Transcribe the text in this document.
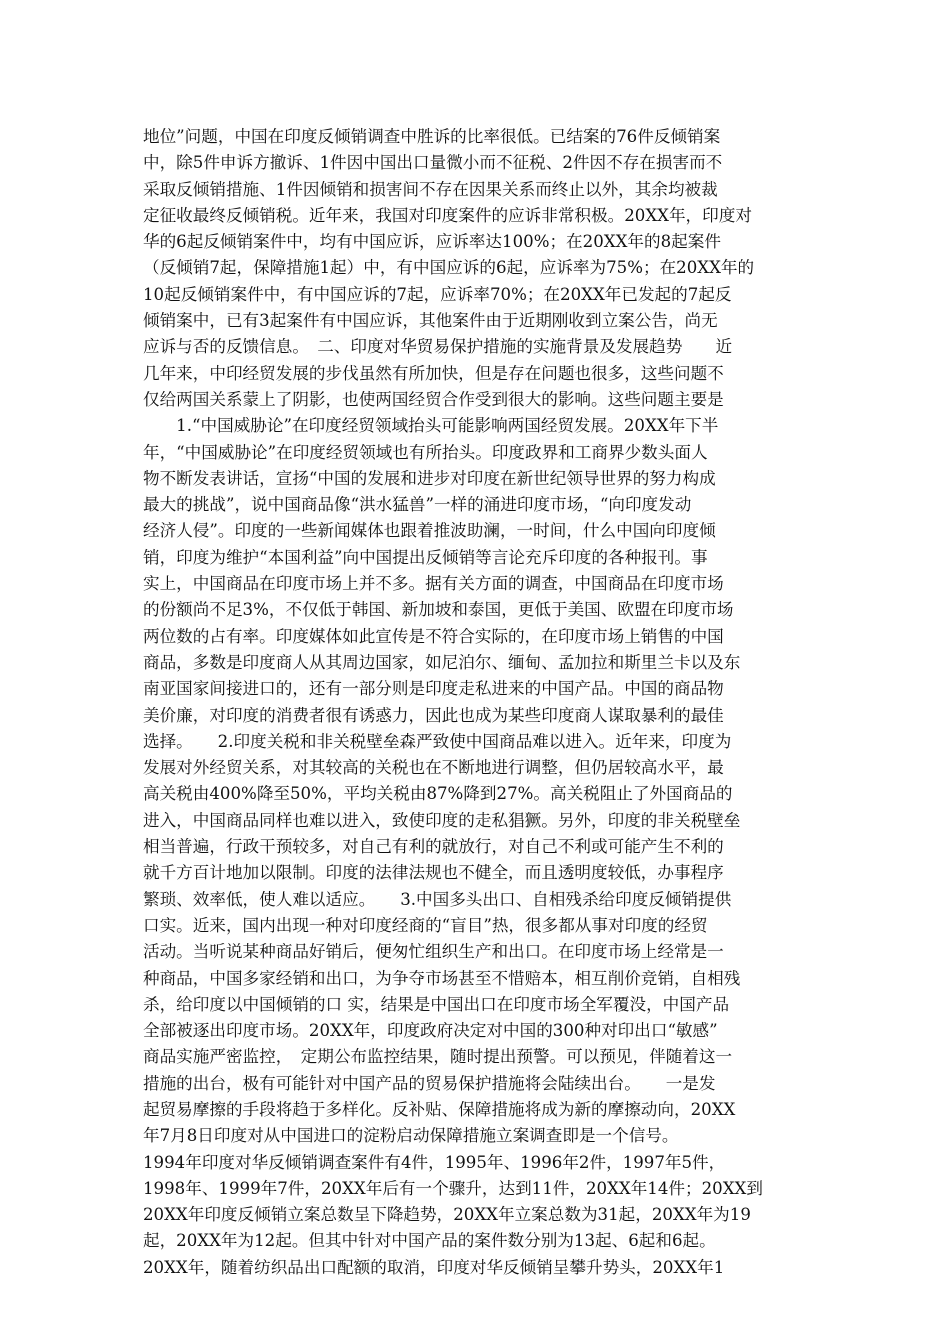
地位”问题，中国在印度反倾销调查中胜诉的比率很低。已结案的76件反倾销案
中，除5件申诉方撤诉、1件因中国出口量微小而不征税、2件因不存在损害而不
采取反倾销措施、1件因倾销和损害间不存在因果关系而终止以外，其余均被裁
定征收最终反倾销税。近年来，我国对印度案件的应诉非常积极。20XX年，印度对
华的6起反倾销案件中，均有中国应诉，应诉率达100%；在20XX年的8起案件
（反倾销7起，保障措施1起）中，有中国应诉的6起，应诉率为75%；在20XX年的
10起反倾销案件中，有中国应诉的7起，应诉率70%；在20XX年已发起的7起反
倾销案中，已有3起案件有中国应诉，其他案件由于近期刚收到立案公告，尚无
应诉与否的反馈信息。　二、印度对华贸易保护措施的实施背景及发展趋势　　近
几年来，中印经贸发展的步伐虽然有所加快，但是存在问题也很多，这些问题不
仅给两国关系蒙上了阴影，也使两国经贸合作受到很大的影响。这些问题主要是
　　1.“中国威胁论”在印度经贸领域抬头可能影响两国经贸发展。20XX年下半
年，“中国威胁论”在印度经贸领域也有所抬头。印度政界和工商界少数头面人
物不断发表讲话，宣扬“中国的发展和进步对印度在新世纪领导世界的努力构成
最大的挑战”，说中国商品像“洪水猛兽”一样的涌进印度市场，“向印度发动
经济人侵”。印度的一些新闻媒体也跟着推波助澜，一时间，什么中国向印度倾
销，印度为维护“本国利益”向中国提出反倾销等言论充斥印度的各种报刊。事
实上，中国商品在印度市场上并不多。据有关方面的调查，中国商品在印度市场
的份额尚不足3%，不仅低于韩国、新加坡和泰国，更低于美国、欧盟在印度市场
两位数的占有率。印度媒体如此宣传是不符合实际的，在印度市场上销售的中国
商品，多数是印度商人从其周边国家，如尼泊尔、缅甸、孟加拉和斯里兰卡以及东
南亚国家间接进口的，还有一部分则是印度走私进来的中国产品。中国的商品物
美价廉，对印度的消费者很有诱惑力，因此也成为某些印度商人谋取暴利的最佳
选择。　　2.印度关税和非关税壁垒森严致使中国商品难以进入。近年来，印度为
发展对外经贸关系，对其较高的关税也在不断地进行调整，但仍居较高水平，最
高关税由400%降至50%，平均关税由87%降到27%。高关税阻止了外国商品的
进入，中国商品同样也难以进入，致使印度的走私猖獗。另外，印度的非关税壁垒
相当普遍，行政干预较多，对自己有利的就放行，对自己不利或可能产生不利的
就千方百计地加以限制。印度的法律法规也不健全，而且透明度较低，办事程序
繁琐、效率低，使人难以适应。　　3.中国多头出口、自相残杀给印度反倾销提供
口实。近来，国内出现一种对印度经商的“盲目”热，很多都从事对印度的经贸
活动。当听说某种商品好销后，便匆忙组织生产和出口。在印度市场上经常是一
种商品，中国多家经销和出口，为争夺市场甚至不惜赔本，相互削价竞销，自相残
杀，给印度以中国倾销的口 实，结果是中国出口在印度市场全军覆没，中国产品
全部被逐出印度市场。20XX年，印度政府决定对中国的300种对印出口“敏感”
商品实施严密监控，　定期公布监控结果，随时提出预警。可以预见，伴随着这一
措施的出台，极有可能针对中国产品的贸易保护措施将会陆续出台。　　一是发
起贸易摩擦的手段将趋于多样化。反补贴、保障措施将成为新的摩擦动向，20XX
年7月8日印度对从中国进口的淀粉启动保障措施立案调查即是一个信号。
1994年印度对华反倾销调查案件有4件，1995年、1996年2件，1997年5件，
1998年、1999年7件，20XX年后有一个骤升，达到11件，20XX年14件；20XX到
20XX年印度反倾销立案总数呈下降趋势，20XX年立案总数为31起，20XX年为19
起，20XX年为12起。但其中针对中国产品的案件数分别为13起、6起和6起。
20XX年，随着纺织品出口配额的取消，印度对华反倾销呈攀升势头，20XX年1
